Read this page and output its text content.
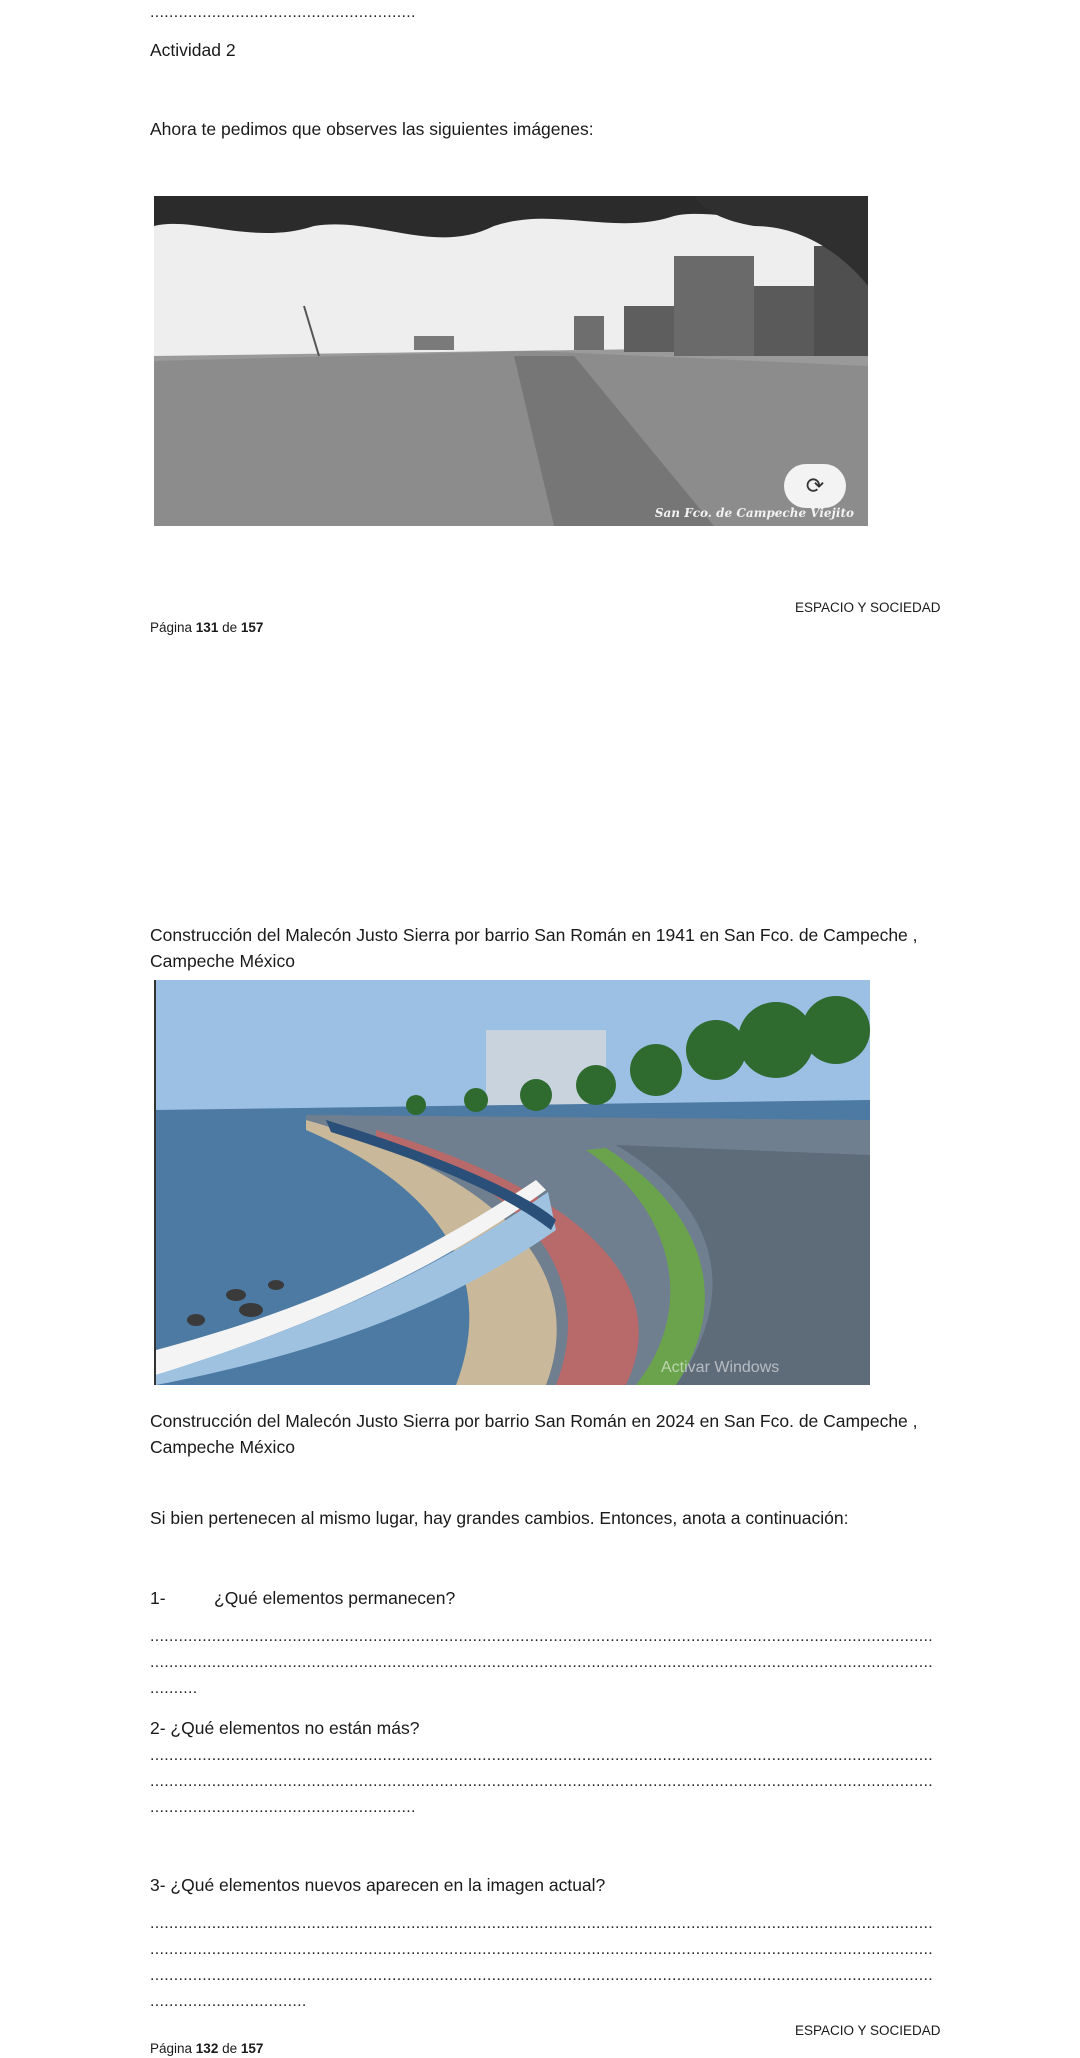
........................................................
Actividad 2
Ahora te pedimos que observes las siguientes imágenes:
⟳
San Fco. de Campeche Viejito
ESPACIO Y SOCIEDAD
Página 131 de 157
Construcción del Malecón Justo Sierra por barrio San Román en 1941 en San Fco. de Campeche ,
Campeche México
Activar Windows
Construcción del Malecón Justo Sierra por barrio San Román en 2024 en San Fco. de Campeche ,
Campeche México
Si bien pertenecen al mismo lugar, hay grandes cambios. Entonces, anota a continuación:
1-	¿Qué elementos permanecen?
.....................................................................................................................................................................
.....................................................................................................................................................................
..........
2- ¿Qué elementos no están más?
.....................................................................................................................................................................
.....................................................................................................................................................................
........................................................
3- ¿Qué elementos nuevos aparecen en la imagen actual?
.....................................................................................................................................................................
.....................................................................................................................................................................
.....................................................................................................................................................................
.................................
ESPACIO Y SOCIEDAD
Página 132 de 157
